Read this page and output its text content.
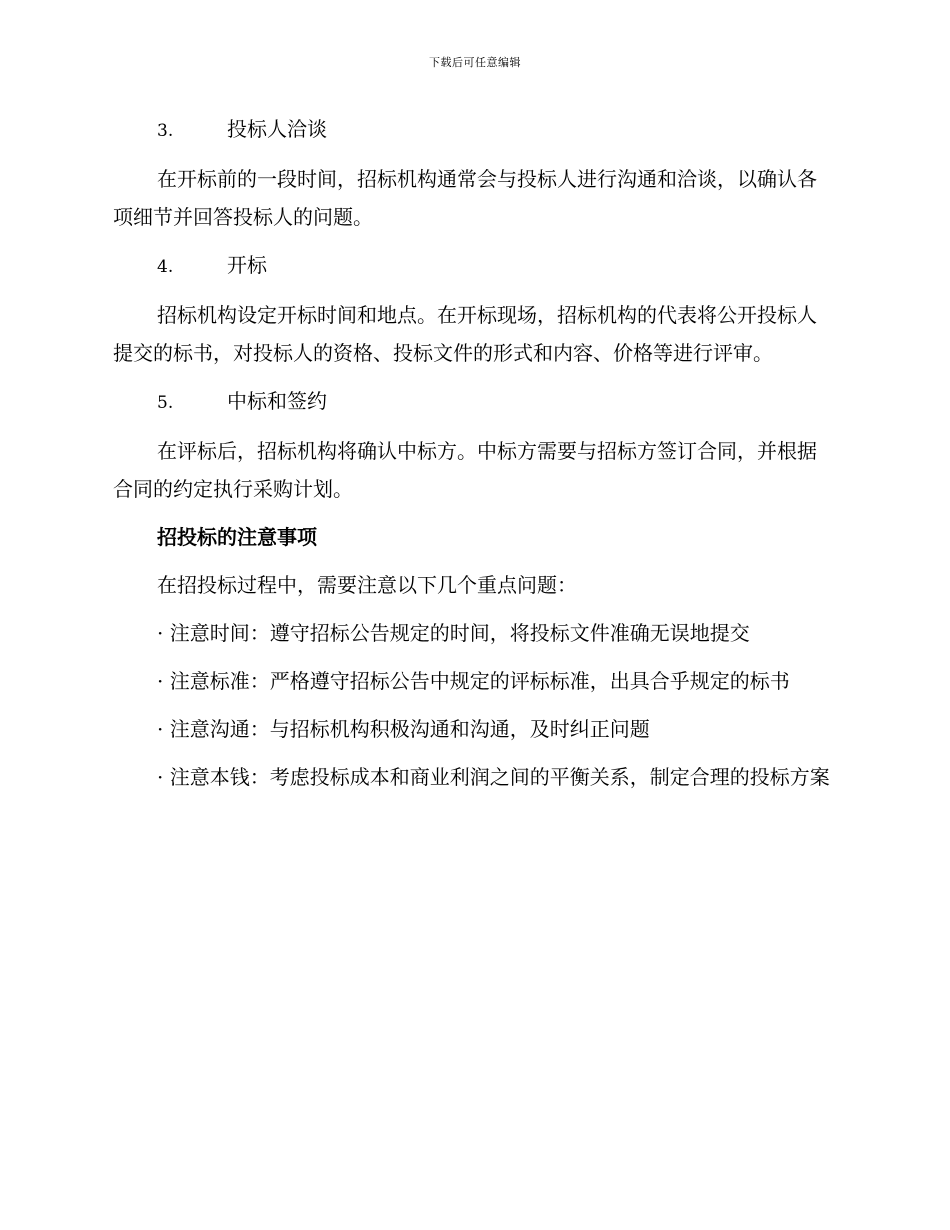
下载后可任意编辑
3.	投标人洽谈

在开标前的一段时间，招标机构通常会与投标人进行沟通和洽谈，以确认各项细节并回答投标人的问题。

4.	开标

招标机构设定开标时间和地点。在开标现场，招标机构的代表将公开投标人提交的标书，对投标人的资格、投标文件的形式和内容、价格等进行评审。

5.	中标和签约

在评标后，招标机构将确认中标方。中标方需要与招标方签订合同，并根据合同的约定执行采购计划。

招投标的注意事项

在招投标过程中，需要注意以下几个重点问题：

· 注意时间：遵守招标公告规定的时间，将投标文件准确无误地提交

· 注意标准：严格遵守招标公告中规定的评标标准，出具合乎规定的标书

· 注意沟通：与招标机构积极沟通和沟通，及时纠正问题

· 注意本钱：考虑投标成本和商业利润之间的平衡关系，制定合理的投标方案
